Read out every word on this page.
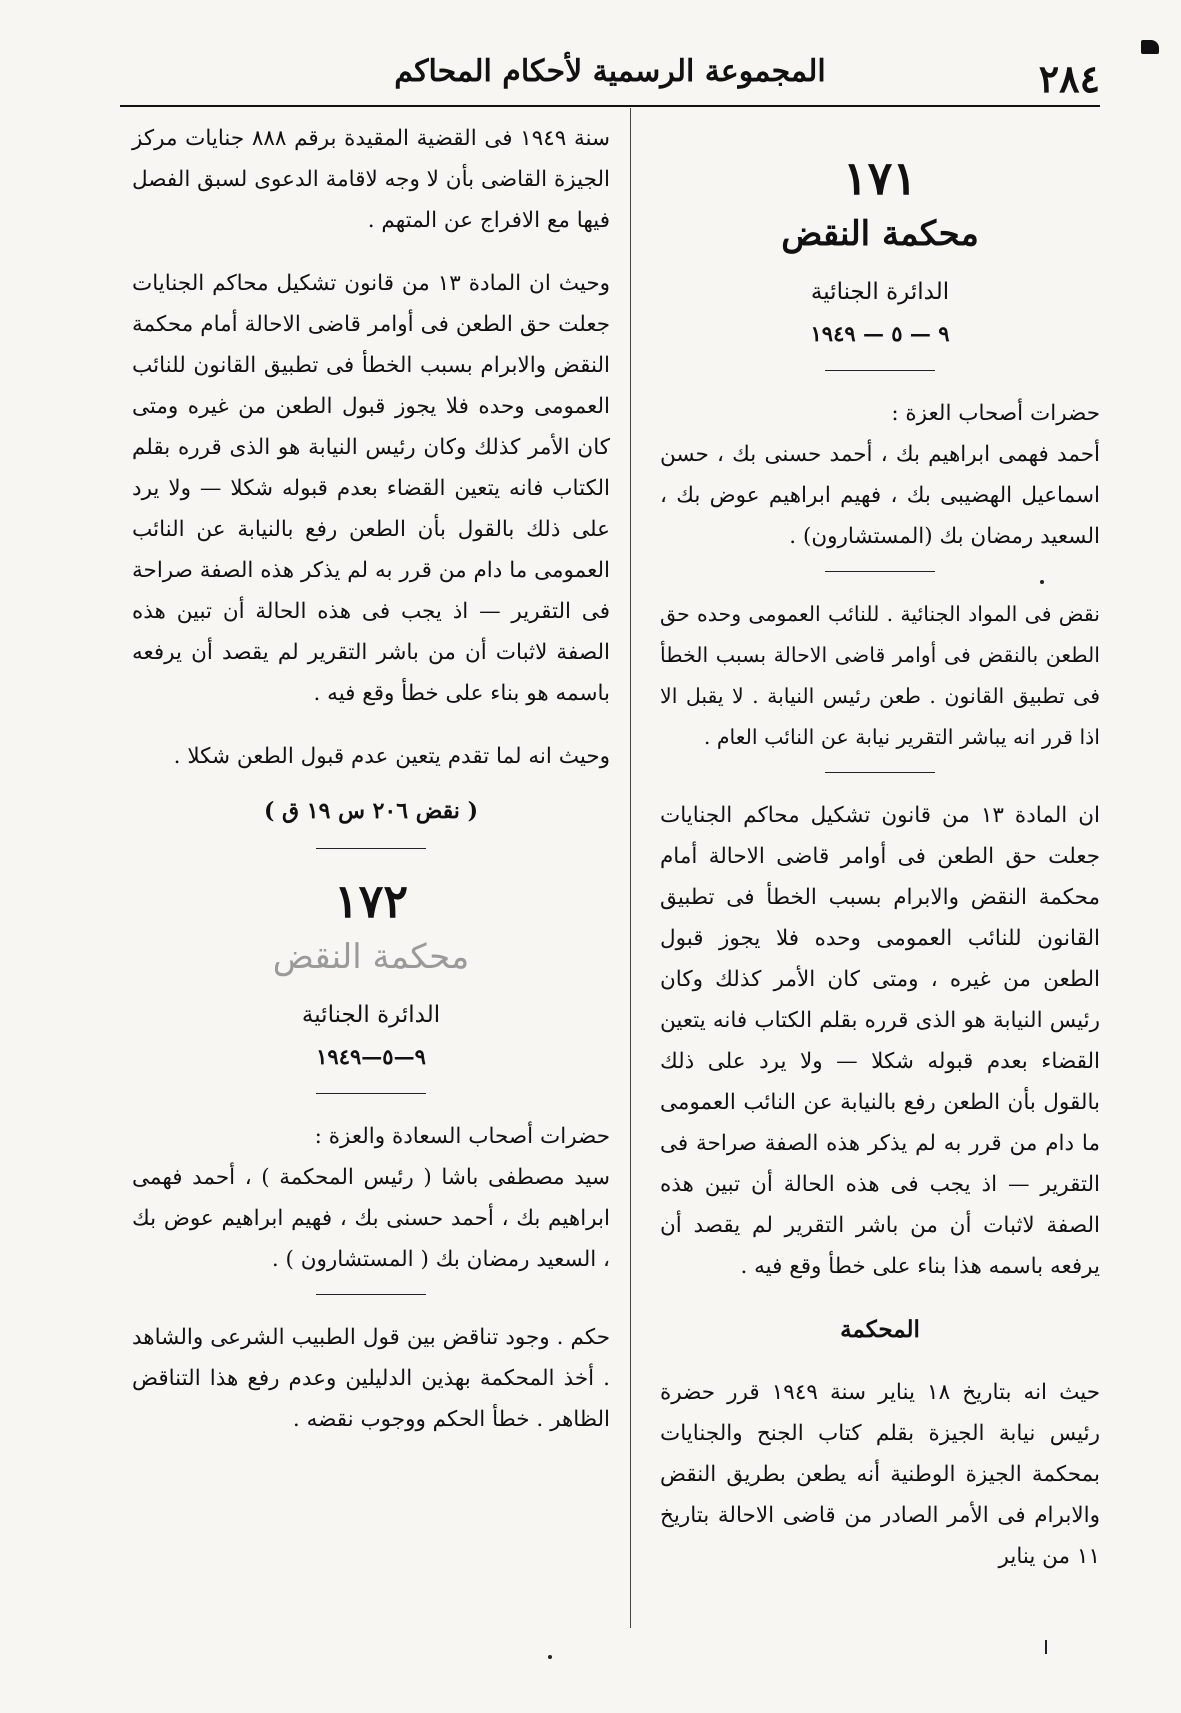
٢٨٤
المجموعة الرسمية لأحكام المحاكم
١٧١
محكمة النقض
الدائرة الجنائية
٩ — ٥ — ١٩٤٩

حضرات أصحاب العزة :

أحمد فهمى ابراهيم بك ، أحمد حسنى بك ، حسن اسماعيل الهضيبى بك ، فهيم ابراهيم عوض بك ، السعيد رمضان بك (المستشارون) .

نقض فى المواد الجنائية . للنائب العمومى وحده حق الطعن بالنقض فى أوامر قاضى الاحالة بسبب الخطأ فى تطبيق القانون . طعن رئيس النيابة . لا يقبل الا اذا قرر انه يباشر التقرير نيابة عن النائب العام .

ان المادة ١٣ من قانون تشكيل محاكم الجنايات جعلت حق الطعن فى أوامر قاضى الاحالة أمام محكمة النقض والابرام بسبب الخطأ فى تطبيق القانون للنائب العمومى وحده فلا يجوز قبول الطعن من غيره ، ومتى كان الأمر كذلك وكان رئيس النيابة هو الذى قرره بقلم الكتاب فانه يتعين القضاء بعدم قبوله شكلا — ولا يرد على ذلك بالقول بأن الطعن رفع بالنيابة عن النائب العمومى ما دام من قرر به لم يذكر هذه الصفة صراحة فى التقرير — اذ يجب فى هذه الحالة أن تبين هذه الصفة لاثبات أن من باشر التقرير لم يقصد أن يرفعه باسمه هذا بناء على خطأ وقع فيه .

المحكمة

حيث انه بتاريخ ١٨ يناير سنة ١٩٤٩ قرر حضرة رئيس نيابة الجيزة بقلم كتاب الجنح والجنايات بمحكمة الجيزة الوطنية أنه يطعن بطريق النقض والابرام فى الأمر الصادر من قاضى الاحالة بتاريخ ١١ من يناير

سنة ١٩٤٩ فى القضية المقيدة برقم ٨٨٨ جنايات مركز الجيزة القاضى بأن لا وجه لاقامة الدعوى لسبق الفصل فيها مع الافراج عن المتهم .

وحيث ان المادة ١٣ من قانون تشكيل محاكم الجنايات جعلت حق الطعن فى أوامر قاضى الاحالة أمام محكمة النقض والابرام بسبب الخطأ فى تطبيق القانون للنائب العمومى وحده فلا يجوز قبول الطعن من غيره ومتى كان الأمر كذلك وكان رئيس النيابة هو الذى قرره بقلم الكتاب فانه يتعين القضاء بعدم قبوله شكلا — ولا يرد على ذلك بالقول بأن الطعن رفع بالنيابة عن النائب العمومى ما دام من قرر به لم يذكر هذه الصفة صراحة فى التقرير — اذ يجب فى هذه الحالة أن تبين هذه الصفة لاثبات أن من باشر التقرير لم يقصد أن يرفعه باسمه هو بناء على خطأ وقع فيه .

وحيث انه لما تقدم يتعين عدم قبول الطعن شكلا .

( نقض ٢٠٦ س ١٩ ق )
١٧٢
محكمة النقض
الدائرة الجنائية
٩—٥—١٩٤٩

حضرات أصحاب السعادة والعزة :

سيد مصطفى باشا ( رئيس المحكمة ) ، أحمد فهمى ابراهيم بك ، أحمد حسنى بك ، فهيم ابراهيم عوض بك ، السعيد رمضان بك ( المستشارون ) .

حكم . وجود تناقض بين قول الطبيب الشرعى والشاهد . أخذ المحكمة بهذين الدليلين وعدم رفع هذا التناقض الظاهر . خطأ الحكم ووجوب نقضه .
